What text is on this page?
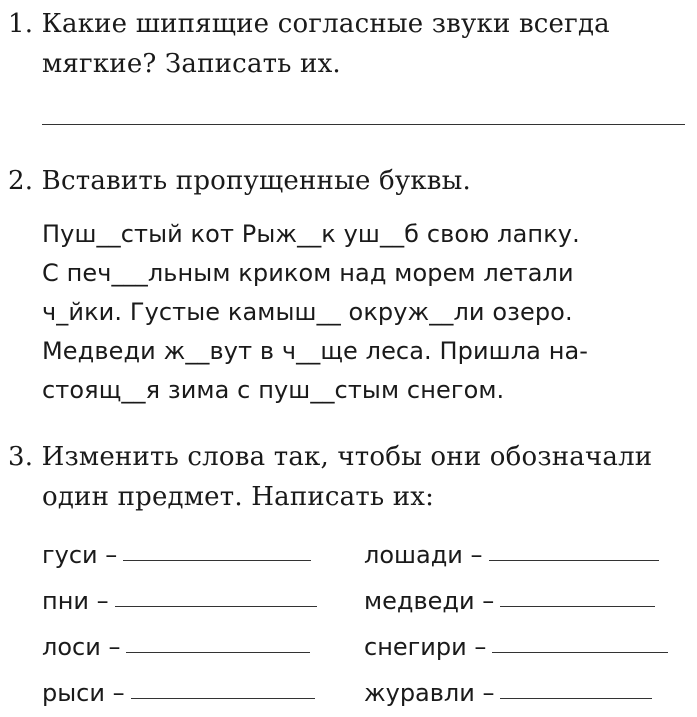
1. Какие шипящие согласные звуки всегда
мягкие? Записать их.
2. Вставить пропущенные буквы.
Пуш__стый кот Рыж__к уш__б свою лапку.
С печ___льным криком над морем летали
ч_йки. Густые камыш__ окруж__ли озеро.
Медведи ж__вут в ч__ще леса. Пришла на-
стоящ__я зима с пуш__стым снегом.
3. Изменить слова так, чтобы они обозначали
один предмет. Написать их:
гуси –	лошади –
пни –	медведи –
лоси –	снегири –
рыси –	журавли –
